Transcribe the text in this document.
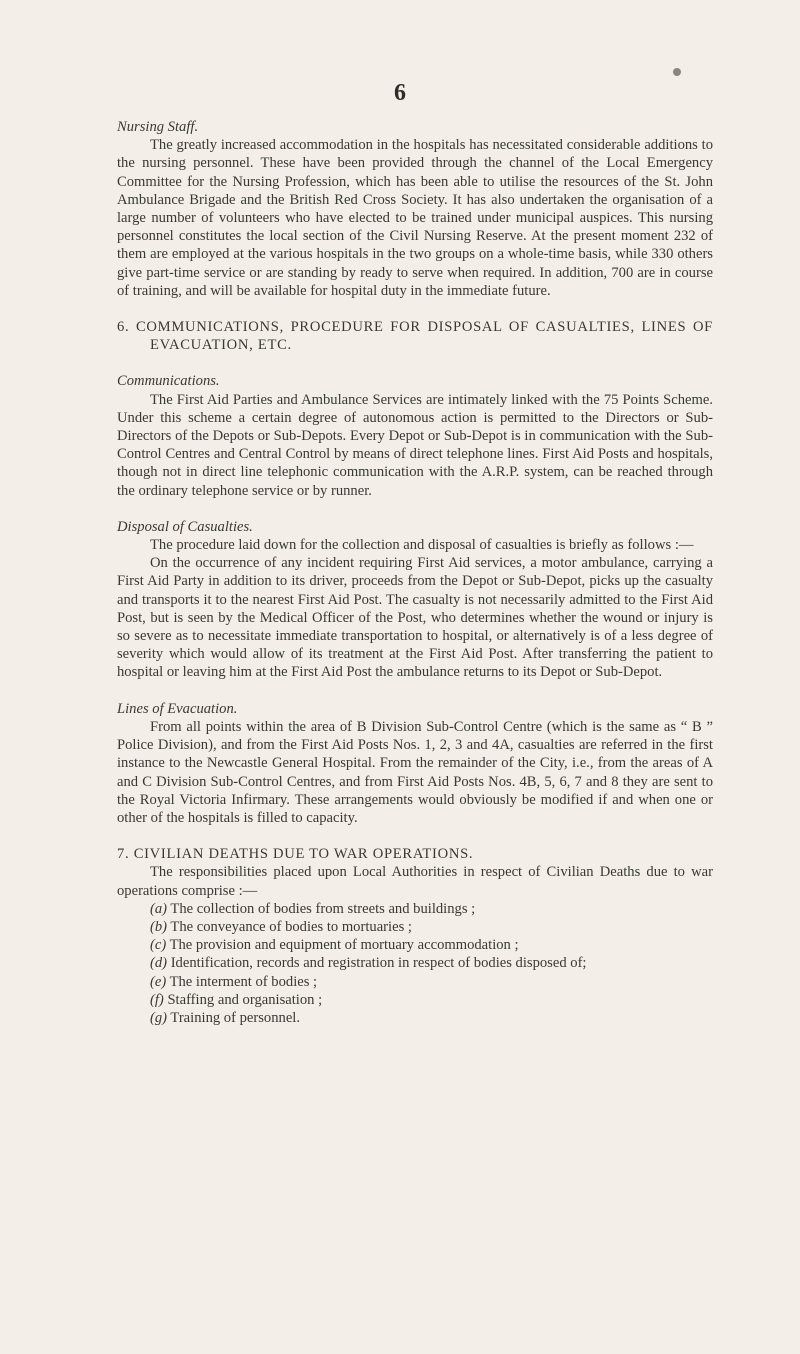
6

Nursing Staff.

The greatly increased accommodation in the hospitals has necessitated considerable additions to the nursing personnel. These have been provided through the channel of the Local Emergency Committee for the Nursing Profession, which has been able to utilise the resources of the St. John Ambulance Brigade and the British Red Cross Society. It has also undertaken the organisation of a large number of volunteers who have elected to be trained under municipal auspices. This nursing personnel constitutes the local section of the Civil Nursing Reserve. At the present moment 232 of them are employed at the various hospitals in the two groups on a whole-time basis, while 330 others give part-time service or are standing by ready to serve when required. In addition, 700 are in course of training, and will be available for hospital duty in the immediate future.

6. COMMUNICATIONS, PROCEDURE FOR DISPOSAL OF CASUALTIES, LINES OF EVACUATION, ETC.

Communications.

The First Aid Parties and Ambulance Services are intimately linked with the 75 Points Scheme. Under this scheme a certain degree of autonomous action is permitted to the Directors or Sub-Directors of the Depots or Sub-Depots. Every Depot or Sub-Depot is in communication with the Sub-Control Centres and Central Control by means of direct telephone lines. First Aid Posts and hospitals, though not in direct line telephonic communication with the A.R.P. system, can be reached through the ordinary telephone service or by runner.

Disposal of Casualties.

The procedure laid down for the collection and disposal of casualties is briefly as follows :—

On the occurrence of any incident requiring First Aid services, a motor ambulance, carrying a First Aid Party in addition to its driver, proceeds from the Depot or Sub-Depot, picks up the casualty and transports it to the nearest First Aid Post. The casualty is not necessarily admitted to the First Aid Post, but is seen by the Medical Officer of the Post, who determines whether the wound or injury is so severe as to necessitate immediate transportation to hospital, or alternatively is of a less degree of severity which would allow of its treatment at the First Aid Post. After transferring the patient to hospital or leaving him at the First Aid Post the ambulance returns to its Depot or Sub-Depot.

Lines of Evacuation.

From all points within the area of B Division Sub-Control Centre (which is the same as “ B ” Police Division), and from the First Aid Posts Nos. 1, 2, 3 and 4A, casualties are referred in the first instance to the Newcastle General Hospital. From the remainder of the City, i.e., from the areas of A and C Division Sub-Control Centres, and from First Aid Posts Nos. 4B, 5, 6, 7 and 8 they are sent to the Royal Victoria Infirmary. These arrangements would obviously be modified if and when one or other of the hospitals is filled to capacity.

7. CIVILIAN DEATHS DUE TO WAR OPERATIONS.

The responsibilities placed upon Local Authorities in respect of Civilian Deaths due to war operations comprise :—

(a) The collection of bodies from streets and buildings ;
(b) The conveyance of bodies to mortuaries ;
(c) The provision and equipment of mortuary accommodation ;
(d) Identification, records and registration in respect of bodies disposed of;
(e) The interment of bodies ;
(f) Staffing and organisation ;
(g) Training of personnel.
